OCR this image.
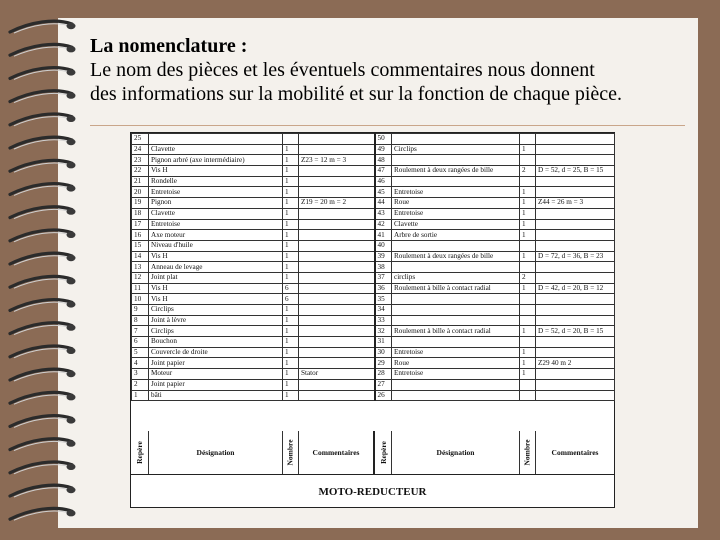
La nomenclature :
Le nom des pièces et les éventuels commentaires nous donnent
des informations sur la mobilité et sur la fonction de chaque pièce.
25				50			
24	Clavette	1		49	Circlips	1	
23	Pignon arbré (axe intermédiaire)	1	Z23 = 12 m = 3	48			
22	Vis H	1		47	Roulement à deux rangées de bille	2	D = 52, d = 25, B = 15
21	Rondelle	1		46			
20	Entretoise	1		45	Entretoise	1	
19	Pignon	1	Z19 = 20 m = 2	44	Roue	1	Z44 = 26 m = 3
18	Clavette	1		43	Entretoise	1	
17	Entretoise	1		42	Clavette	1	
16	Axe moteur	1		41	Arbre de sortie	1	
15	Niveau d'huile	1		40			
14	Vis H	1		39	Roulement à deux rangées de bille	1	D = 72, d = 36, B = 23
13	Anneau de levage	1		38			
12	Joint plat	1		37	circlips	2	
11	Vis H	6		36	Roulement à bille à contact radial	1	D = 42, d = 20, B = 12
10	Vis H	6		35			
9	Circlips	1		34			
8	Joint à lèvre	1		33			
7	Circlips	1		32	Roulement à bille à contact radial	1	D = 52, d = 20, B = 15
6	Bouchon	1		31			
5	Couvercle de droite	1		30	Entretoise	1	
4	Joint papier	1		29	Roue	1	Z29 40 m 2
3	Moteur	1	Stator	28	Entretoise	1	
2	Joint papier	1		27			
1	bâti	1		26			
Repère	Désignation	Nombre Commentaires	Repère	Désignation	Nombre	Commentaires
MOTO-REDUCTEUR
